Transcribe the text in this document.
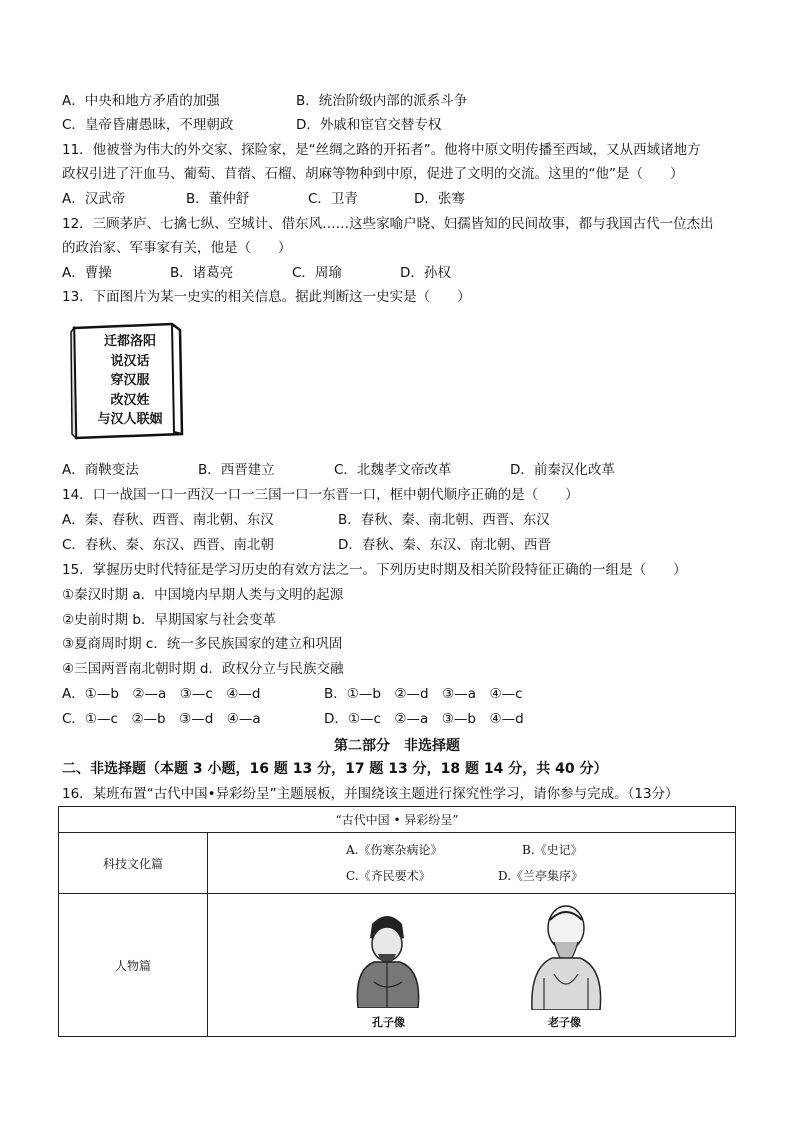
A．中央和地方矛盾的加强	B．统治阶级内部的派系斗争
C．皇帝昏庸愚昧，不理朝政	D．外戚和宦官交替专权
11．他被誉为伟大的外交家、探险家，是“丝绸之路的开拓者”。他将中原文明传播至西域，又从西域诸地方
政权引进了汗血马、葡萄、苜蓿、石榴、胡麻等物种到中原，促进了文明的交流。这里的“他”是（　　）
A．汉武帝	B．董仲舒	C．卫青	D．张骞
12．三顾茅庐、七擒七纵、空城计、借东风……这些家喻户晓、妇孺皆知的民间故事，都与我国古代一位杰出
的政治家、军事家有关，他是（　　）
A．曹操	B．诸葛亮	C．周瑜	D．孙权
13．下面图片为某一史实的相关信息。据此判断这一史实是（　　）
迁都洛阳
说汉话
穿汉服
改汉姓
与汉人联姻
A．商鞅变法	B．西晋建立	C．北魏孝文帝改革	D．前秦汉化改革
14．口一战国一口一西汉一口一三国一口一东晋一口，框中朝代顺序正确的是（　　）
A．秦、春秋、西晋、南北朝、东汉	B．春秋、秦、南北朝、西晋、东汉
C．春秋、秦、东汉、西晋、南北朝	D．春秋、秦、东汉、南北朝、西晋
15．掌握历史时代特征是学习历史的有效方法之一。下列历史时期及相关阶段特征正确的一组是（　　）
①秦汉时期 a．中国境内早期人类与文明的起源
②史前时期 b．早期国家与社会变革
③夏商周时期 c．统一多民族国家的建立和巩固
④三国两晋南北朝时期 d．政权分立与民族交融
A．①—b　②—a　③—c　④—d	B．①—b　②—d　③—a　④—c
C．①—c　②—b　③—d　④—a	D．①—c　②—a　③—b　④—d
第二部分　非选择题
二、非选择题（本题 3 小题，16 题 13 分，17 题 13 分，18 题 14 分，共 40 分）
16．某班布置“古代中国•异彩纷呈”主题展板，并围绕该主题进行探究性学习，请你参与完成。（13分）
“古代中国 • 异彩纷呈”	
科技文化篇	A.《伤寒杂病论》 B.《史记》
C.《齐民要术》 D.《兰亭集序》

人物篇	孔子像 老子像
